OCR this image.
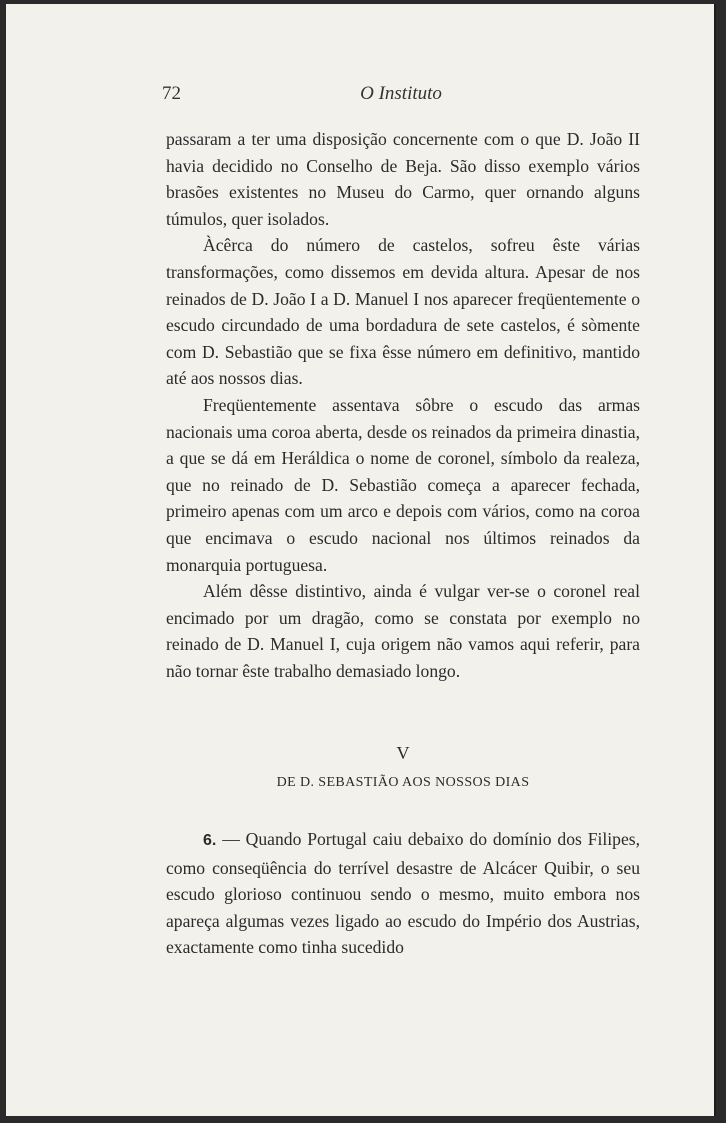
72	O Instituto

passaram a ter uma disposição concernente com o que D. João II havia decidido no Conselho de Beja. São disso exemplo vários brasões existentes no Museu do Carmo, quer ornando alguns túmulos, quer isolados.

Àcêrca do número de castelos, sofreu êste várias transformações, como dissemos em devida altura. Apesar de nos reinados de D. João I a D. Manuel I nos aparecer freqüentemente o escudo circundado de uma bordadura de sete castelos, é sòmente com D. Sebastião que se fixa êsse número em definitivo, mantido até aos nossos dias.

Freqüentemente assentava sôbre o escudo das armas nacionais uma coroa aberta, desde os reinados da primeira dinastia, a que se dá em Heráldica o nome de coronel, símbolo da realeza, que no reinado de D. Sebastião começa a aparecer fechada, primeiro apenas com um arco e depois com vários, como na coroa que encimava o escudo nacional nos últimos reinados da monarquia portuguesa.

Além dêsse distintivo, ainda é vulgar ver-se o coronel real encimado por um dragão, como se constata por exemplo no reinado de D. Manuel I, cuja origem não vamos aqui referir, para não tornar êste trabalho demasiado longo.

V
DE D. SEBASTIÃO AOS NOSSOS DIAS

6. — Quando Portugal caiu debaixo do domínio dos Filipes, como conseqüência do terrível desastre de Alcácer Quibir, o seu escudo glorioso continuou sendo o mesmo, muito embora nos apareça algumas vezes ligado ao escudo do Império dos Austrias, exactamente como tinha sucedido
